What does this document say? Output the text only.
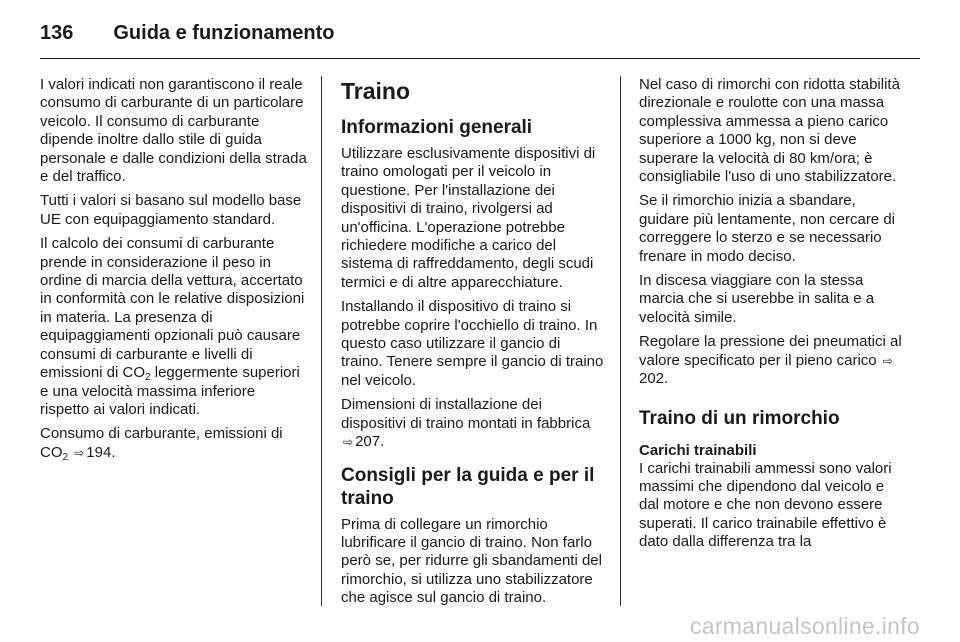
136 Guida e funzionamento

I valori indicati non garantiscono il reale consumo di carburante di un particolare veicolo. Il consumo di carburante dipende inoltre dallo stile di guida personale e dalle condizioni della strada e del traffico.

Tutti i valori si basano sul modello base UE con equipaggiamento standard.

Il calcolo dei consumi di carburante prende in considerazione il peso in ordine di marcia della vettura, accertato in conformità con le relative disposizioni in materia. La presenza di equipaggiamenti opzionali può causare consumi di carburante e livelli di emissioni di $CO_2$ leggermente superiori e una velocità massima inferiore rispetto ai valori indicati.

Consumo di carburante, emissioni di $CO_2$ ⇨ 194.

Traino
Informazioni generali

Utilizzare esclusivamente dispositivi di traino omologati per il veicolo in questione. Per l'installazione dei dispositivi di traino, rivolgersi ad un'officina. L'operazione potrebbe richiedere modifiche a carico del sistema di raffreddamento, degli scudi termici e di altre apparecchiature.

Installando il dispositivo di traino si potrebbe coprire l'occhiello di traino. In questo caso utilizzare il gancio di traino. Tenere sempre il gancio di traino nel veicolo.

Dimensioni di installazione dei dispositivi di traino montati in fabbrica ⇨ 207.

Consigli per la guida e per il traino

Prima di collegare un rimorchio lubrificare il gancio di traino. Non farlo però se, per ridurre gli sbandamenti del rimorchio, si utilizza uno stabilizzatore che agisce sul gancio di traino.

Nel caso di rimorchi con ridotta stabilità direzionale e roulotte con una massa complessiva ammessa a pieno carico superiore a 1000 kg, non si deve superare la velocità di 80 km/ora; è consigliabile l'uso di uno stabilizzatore.

Se il rimorchio inizia a sbandare, guidare più lentamente, non cercare di correggere lo sterzo e se necessario frenare in modo deciso.

In discesa viaggiare con la stessa marcia che si userebbe in salita e a velocità simile.

Regolare la pressione dei pneumatici al valore specificato per il pieno carico ⇨202.

Traino di un rimorchio
Carichi trainabili

I carichi trainabili ammessi sono valori massimi che dipendono dal veicolo e dal motore e che non devono essere superati. Il carico trainabile effettivo è dato dalla differenza tra la

carmanualsonline.info
